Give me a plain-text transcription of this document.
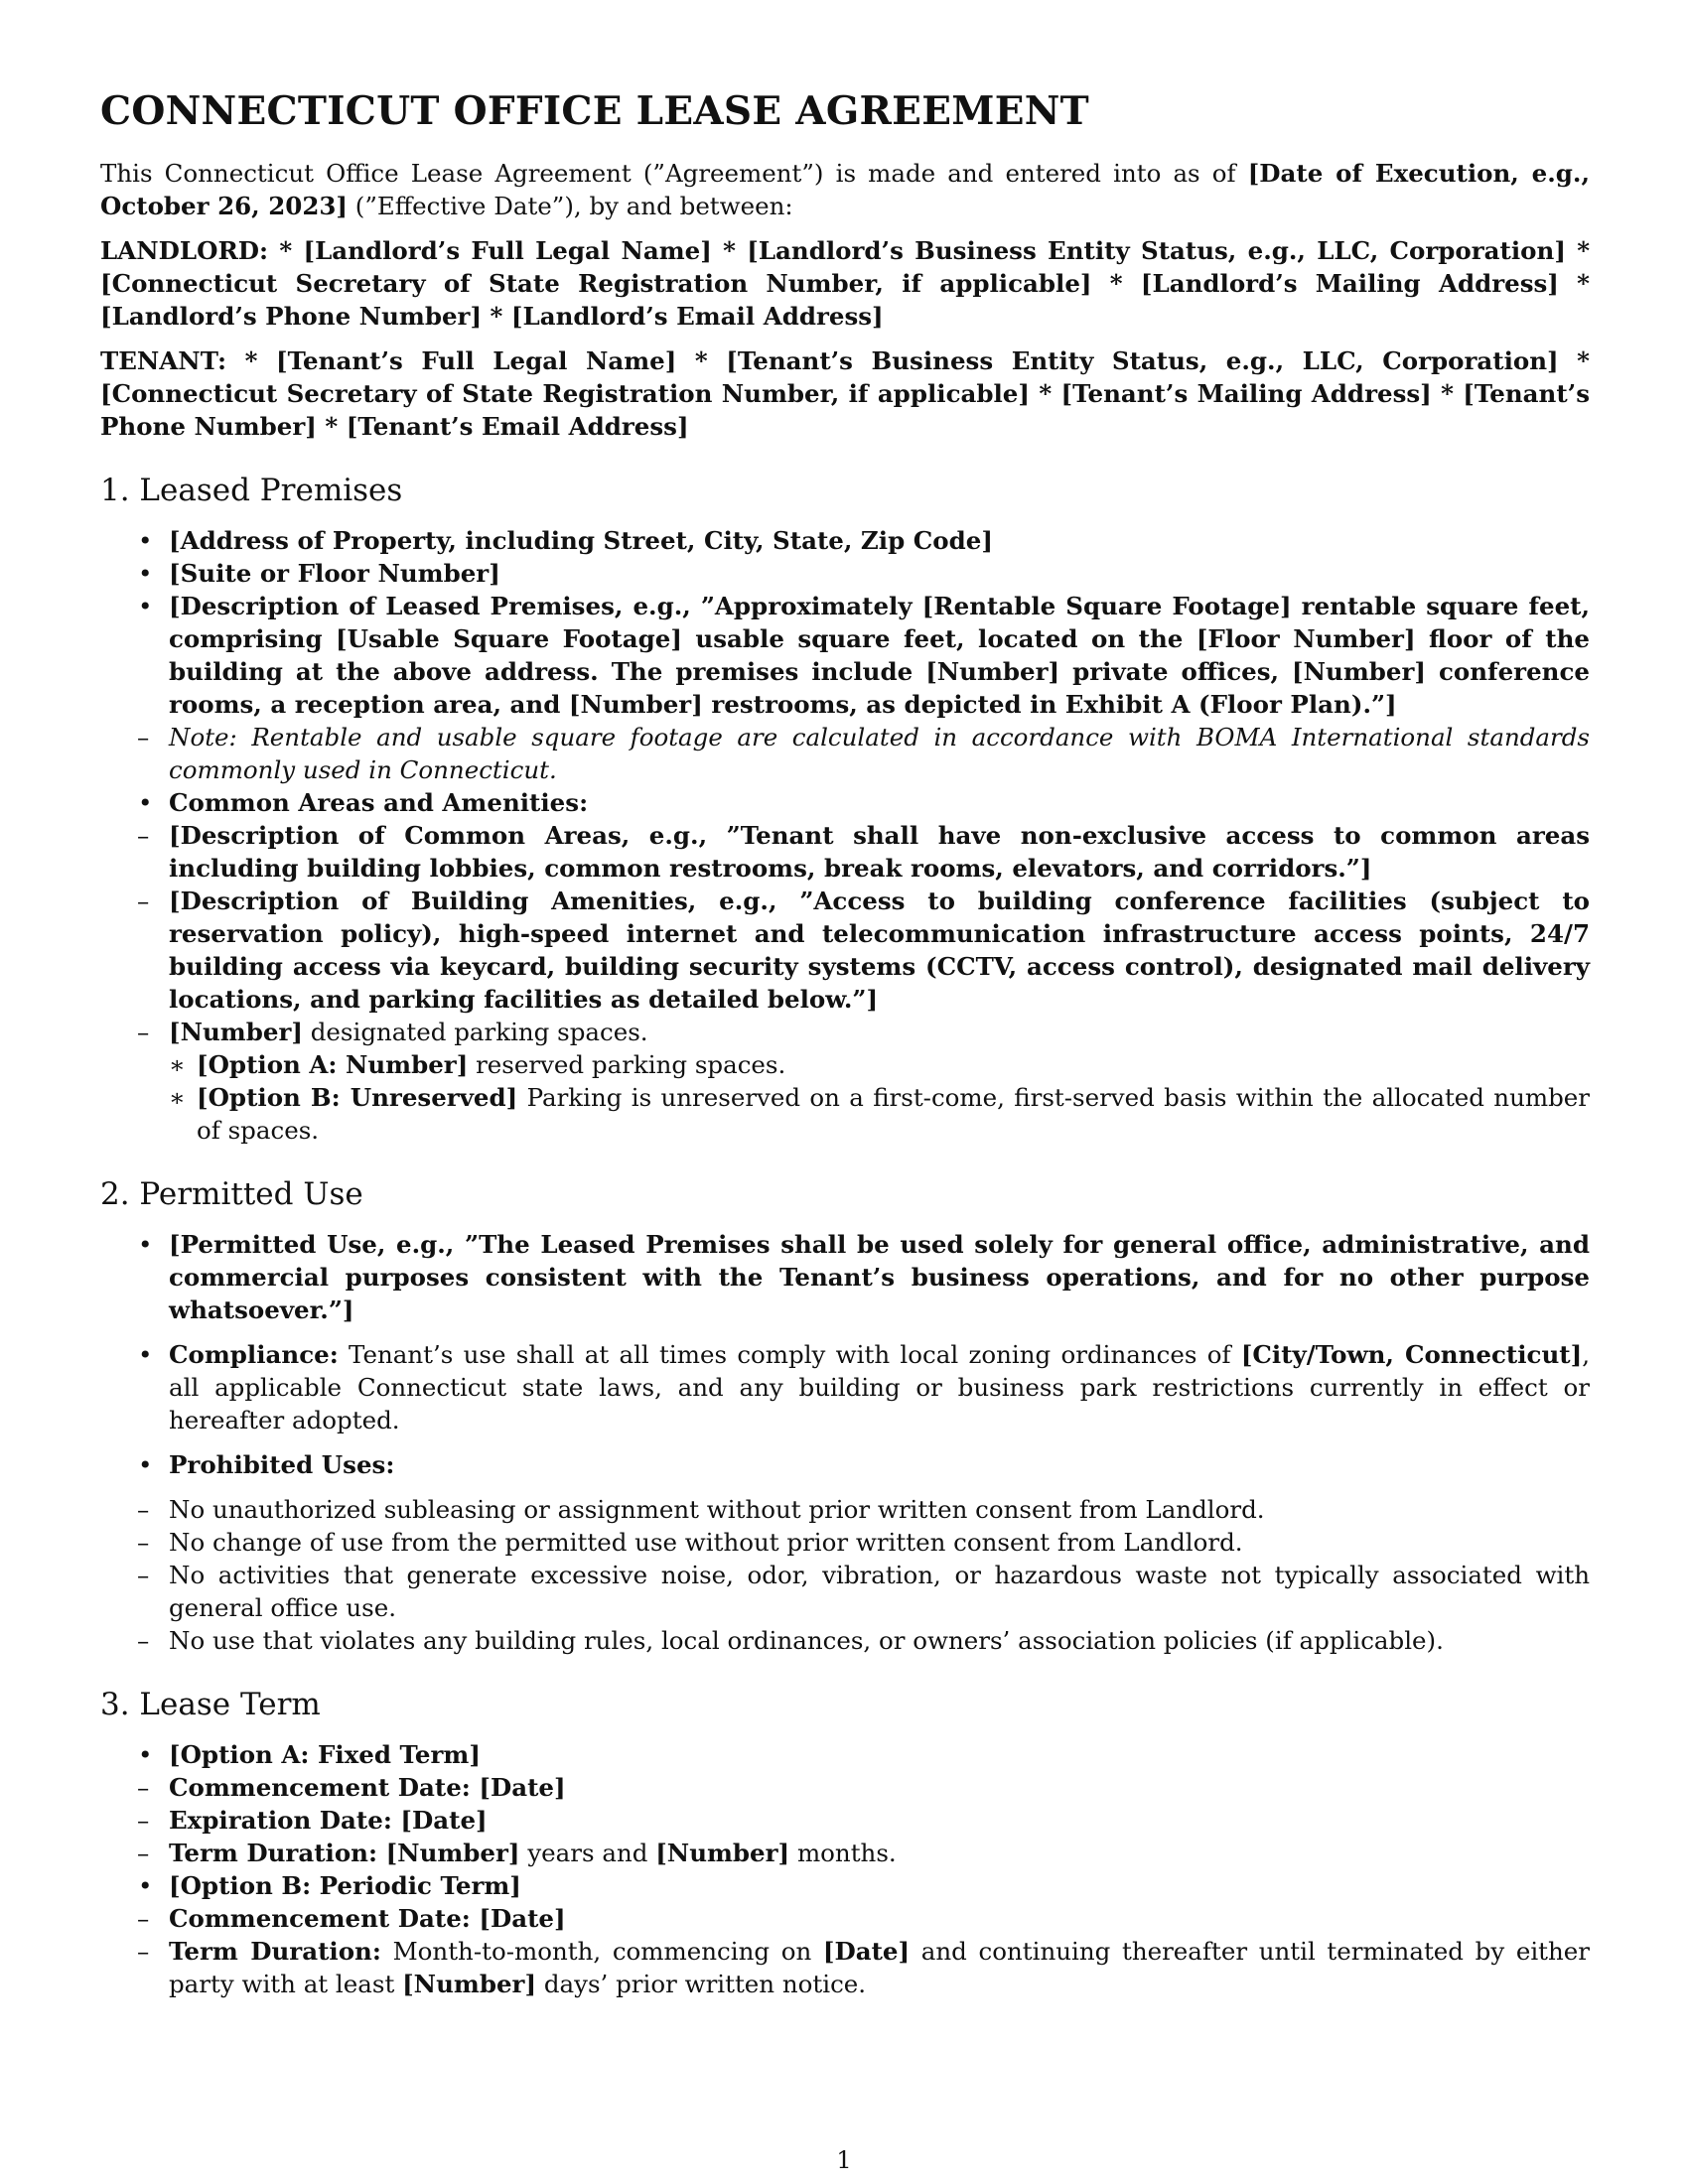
CONNECTICUT OFFICE LEASE AGREEMENT

This Connecticut Office Lease Agreement (”Agreement”) is made and entered into as of [Date of Execution, e.g., October 26, 2023] (”Effective Date”), by and between:

LANDLORD: * [Landlord’s Full Legal Name] * [Landlord’s Business Entity Status, e.g., LLC, Corporation] * [Connecticut Secretary of State Registration Number, if applicable] * [Landlord’s Mailing Address] * [Landlord’s Phone Number] * [Landlord’s Email Address]

TENANT: * [Tenant’s Full Legal Name] * [Tenant’s Business Entity Status, e.g., LLC, Corporation] * [Connecticut Secretary of State Registration Number, if applicable] * [Tenant’s Mailing Address] * [Tenant’s Phone Number] * [Tenant’s Email Address]

1. Leased Premises
• [Address of Property, including Street, City, State, Zip Code]
• [Suite or Floor Number]
• [Description of Leased Premises, e.g., ”Approximately [Rentable Square Footage] rentable square feet, comprising [Usable Square Footage] usable square feet, located on the [Floor Number] floor of the building at the above address. The premises include [Number] private offices, [Number] conference rooms, a reception area, and [Number] restrooms, as depicted in Exhibit A (Floor Plan).”]
– Note: Rentable and usable square footage are calculated in accordance with BOMA International standards commonly used in Connecticut.
• Common Areas and Amenities:
– [Description of Common Areas, e.g., ”Tenant shall have non-exclusive access to common areas including building lobbies, common restrooms, break rooms, elevators, and corridors.”]
– [Description of Building Amenities, e.g., ”Access to building conference facilities (subject to reservation policy), high-speed internet and telecommunication infrastructure access points, 24/7 building access via keycard, building security systems (CCTV, access control), designated mail delivery locations, and parking facilities as detailed below.”]
– [Number] designated parking spaces.
∗ [Option A: Number] reserved parking spaces.
∗ [Option B: Unreserved] Parking is unreserved on a first-come, first-served basis within the allocated number of spaces.
2. Permitted Use
• [Permitted Use, e.g., ”The Leased Premises shall be used solely for general office, administrative, and commercial purposes consistent with the Tenant’s business operations, and for no other purpose whatsoever.”]
• Compliance: Tenant’s use shall at all times comply with local zoning ordinances of [City/Town, Connecticut], all applicable Connecticut state laws, and any building or business park restrictions currently in effect or hereafter adopted.
• Prohibited Uses:
– No unauthorized subleasing or assignment without prior written consent from Landlord.
– No change of use from the permitted use without prior written consent from Landlord.
– No activities that generate excessive noise, odor, vibration, or hazardous waste not typically associated with general office use.
– No use that violates any building rules, local ordinances, or owners’ association policies (if applicable).
3. Lease Term
• [Option A: Fixed Term]
– Commencement Date: [Date]
– Expiration Date: [Date]
– Term Duration: [Number] years and [Number] months.
• [Option B: Periodic Term]
– Commencement Date: [Date]
– Term Duration: Month-to-month, commencing on [Date] and continuing thereafter until terminated by either party with at least [Number] days’ prior written notice.
1
